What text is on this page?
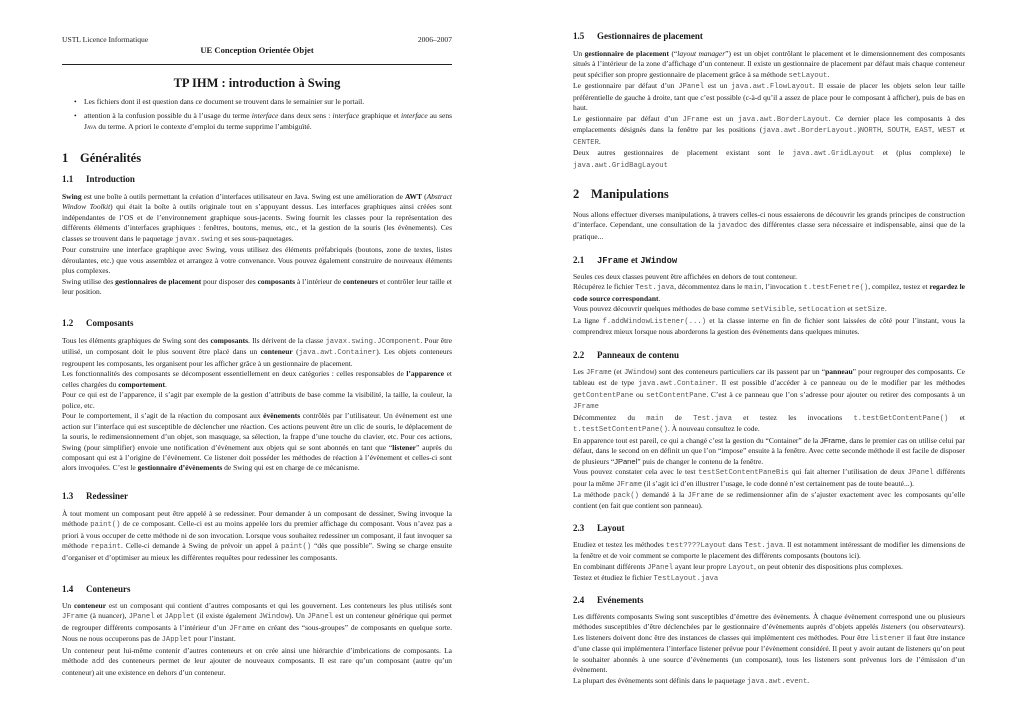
USTL Licence Informatique	2006–2007
UE Conception Orientée Objet
TP IHM : introduction à Swing
• Les fichiers dont il est question dans ce document se trouvent dans le semainier sur le portail.
• attention à la confusion possible du à l’usage du terme interface dans deux sens : interface graphique et interface au sens Java du terme. A priori le contexte d’emploi du terme supprime l’ambiguïté.
1 Généralités
1.1 Introduction

Swing est une boîte à outils permettant la création d’interfaces utilisateur en Java. Swing est une amélioration de AWT (Abstract Window Toolkit) qui était la boîte à outils originale tout en s’appuyant dessus. Les interfaces graphiques ainsi créées sont indépendantes de l’OS et de l’environnement graphique sous-jacents. Swing fournit les classes pour la représentation des différents éléments d’interfaces graphiques : fenêtres, boutons, menus, etc., et la gestion de la souris (les évènements). Ces classes se trouvent dans le paquetage javax.swing et ses sous-paquetages.

Pour construire une interface graphique avec Swing, vous utilisez des éléments préfabriqués (boutons, zone de textes, listes déroulantes, etc.) que vous assemblez et arrangez à votre convenance. Vous pouvez également construire de nouveaux éléments plus complexes.

Swing utilise des gestionnaires de placement pour disposer des composants à l’intérieur de conteneurs et contrôler leur taille et leur position.

1.2 Composants

Tous les éléments graphiques de Swing sont des composants. Ils dérivent de la classe javax.swing.JComponent. Pour être utilisé, un composant doit le plus souvent être placé dans un conteneur (java.awt.Container). Les objets conteneurs regroupent les composants, les organisent pour les afficher grâce à un gestionnaire de placement.

Les fonctionnalités des composants se décomposent essentiellement en deux catégories : celles responsables de l’apparence et celles chargées du comportement.

Pour ce qui est de l’apparence, il s’agit par exemple de la gestion d’attributs de base comme la visibilité, la taille, la couleur, la police, etc.

Pour le comportement, il s’agit de la réaction du composant aux évènements contrôlés par l’utilisateur. Un évènement est une action sur l’interface qui est susceptible de déclencher une réaction. Ces actions peuvent être un clic de souris, le déplacement de la souris, le redimensionnement d’un objet, son masquage, sa sélection, la frappe d’une touche du clavier, etc. Pour ces actions, Swing (pour simplifier) envoie une notification d’évènement aux objets qui se sont abonnés en tant que “listener” auprès du composant qui est à l’origine de l’évènement. Ce listener doit posséder les méthodes de réaction à l’évènement et celles-ci sont alors invoquées. C’est le gestionnaire d’évènements de Swing qui est en charge de ce mécanisme.

1.3 Redessiner

À tout moment un composant peut être appelé à se redessiner. Pour demander à un composant de dessiner, Swing invoque la méthode paint() de ce composant. Celle-ci est au moins appelée lors du premier affichage du composant. Vous n’avez pas a priori à vous occuper de cette méthode ni de son invocation. Lorsque vous souhaitez redessiner un composant, il faut invoquer sa méthode repaint. Celle-ci demande à Swing de prévoir un appel à paint() “dès que possible”. Swing se charge ensuite d’organiser et d’optimiser au mieux les différentes requêtes pour redessiner les composants.

1.4 Conteneurs

Un conteneur est un composant qui contient d’autres composants et qui les gouvernent. Les conteneurs les plus utilisés sont JFrame (à nuancer), JPanel et JApplet (il existe également JWindow). Un JPanel est un conteneur générique qui permet de regrouper différents composants à l’intérieur d’un JFrame en créant des “sous-groupes” de composants en quelque sorte. Nous ne nous occuperons pas de JApplet pour l’instant.

Un conteneur peut lui-même contenir d’autres conteneurs et on crée ainsi une hiérarchie d’imbrications de composants. La méthode add des conteneurs permet de leur ajouter de nouveaux composants. Il est rare qu’un composant (autre qu’un conteneur) ait une existence en dehors d’un conteneur.

1.5 Gestionnaires de placement

Un gestionnaire de placement (“layout manager”) est un objet contrôlant le placement et le dimensionnement des composants situés à l’intérieur de la zone d’affichage d’un conteneur. Il existe un gestionnaire de placement par défaut mais chaque conteneur peut spécifier son propre gestionnaire de placement grâce à sa méthode setLayout.

Le gestionnaire par défaut d’un JPanel est un java.awt.FlowLayout. Il essaie de placer les objets selon leur taille préférentielle de gauche à droite, tant que c’est possible (c-à-d qu’il a assez de place pour le composant à afficher), puis de bas en haut.

Le gestionnaire par défaut d’un JFrame est un java.awt.BorderLayout. Ce dernier place les composants à des emplacements désignés dans la fenêtre par les positions (java.awt.BorderLayout.)NORTH, SOUTH, EAST, WEST et CENTER.

Deux autres gestionnaires de placement existant sont le java.awt.GridLayout et (plus complexe) le java.awt.GridBagLayout

2 Manipulations

Nous allons effectuer diverses manipulations, à travers celles-ci nous essaierons de découvrir les grands principes de construction d’interface. Cependant, une consultation de la javadoc des différentes classe sera nécessaire et indispensable, ainsi que de la pratique...

2.1 JFrame et JWindow

Seules ces deux classes peuvent être affichées en dehors de tout conteneur.

Récupérez le fichier Test.java, décommentez dans le main, l’invocation t.testFenetre(), compilez, testez et regardez le code source correspondant.

Vous pouvez découvrir quelques méthodes de base comme setVisible, setLocation et setSize.

La ligne f.addWindowListener(...) et la classe interne en fin de fichier sont laissées de côté pour l’instant, vous la comprendrez mieux lorsque nous aborderons la gestion des évènements dans quelques minutes.

2.2 Panneaux de contenu

Les JFrame (et JWindow) sont des conteneurs particuliers car ils passent par un “panneau” pour regrouper des composants. Ce tableau est de type java.awt.Container. Il est possible d’accéder à ce panneau ou de le modifier par les méthodes getContentPane ou setContentPane. C’est à ce panneau que l’on s’adresse pour ajouter ou retirer des composants à un JFrame

Décommentez du main de Test.java et testez les invocations t.testGetContentPane() et t.testSetContentPane(). À nouveau consultez le code.

En apparence tout est pareil, ce qui a changé c’est la gestion du “Container” de la JFrame, dans le premier cas on utilise celui par défaut, dans le second on en définit un que l’on “impose” ensuite à la fenêtre. Avec cette seconde méthode il est facile de disposer de plusieurs “JPanel” puis de changer le contenu de la fenêtre.

Vous pouvez constater cela avec le test testSetContentPaneBis qui fait alterner l’utilisation de deux JPanel différents pour la même JFrame (il s’agit ici d’en illustrer l’usage, le code donné n’est certainement pas de toute beauté...).

La méthode pack() demandé à la JFrame de se redimensionner afin de s’ajuster exactement avec les composants qu’elle contient (en fait que contient son panneau).

2.3 Layout

Etudiez et testez les méthodes test????Layout dans Test.java. Il est notamment intéressant de modifier les dimensions de la fenêtre et de voir comment se comporte le placement des différents composants (boutons ici).

En combinant différents JPanel ayant leur propre Layout, on peut obtenir des dispositions plus complexes.

Testez et étudiez le fichier TestLayout.java

2.4 Evénements

Les différents composants Swing sont susceptibles d’émettre des évènements. À chaque évènement correspond une ou plusieurs méthodes susceptibles d’être déclenchées par le gestionnaire d’évènements auprès d’objets appelés listeners (ou observateurs). Les listeners doivent donc être des instances de classes qui implémentent ces méthodes. Pour être listener il faut être instance d’une classe qui implémentera l’interface listener prévue pour l’évènement considéré. Il peut y avoir autant de listeners qu’on peut le souhaiter abonnés à une source d’évènements (un composant), tous les listeners sont prévenus lors de l’émission d’un évènement.

La plupart des évènements sont définis dans le paquetage java.awt.event.
